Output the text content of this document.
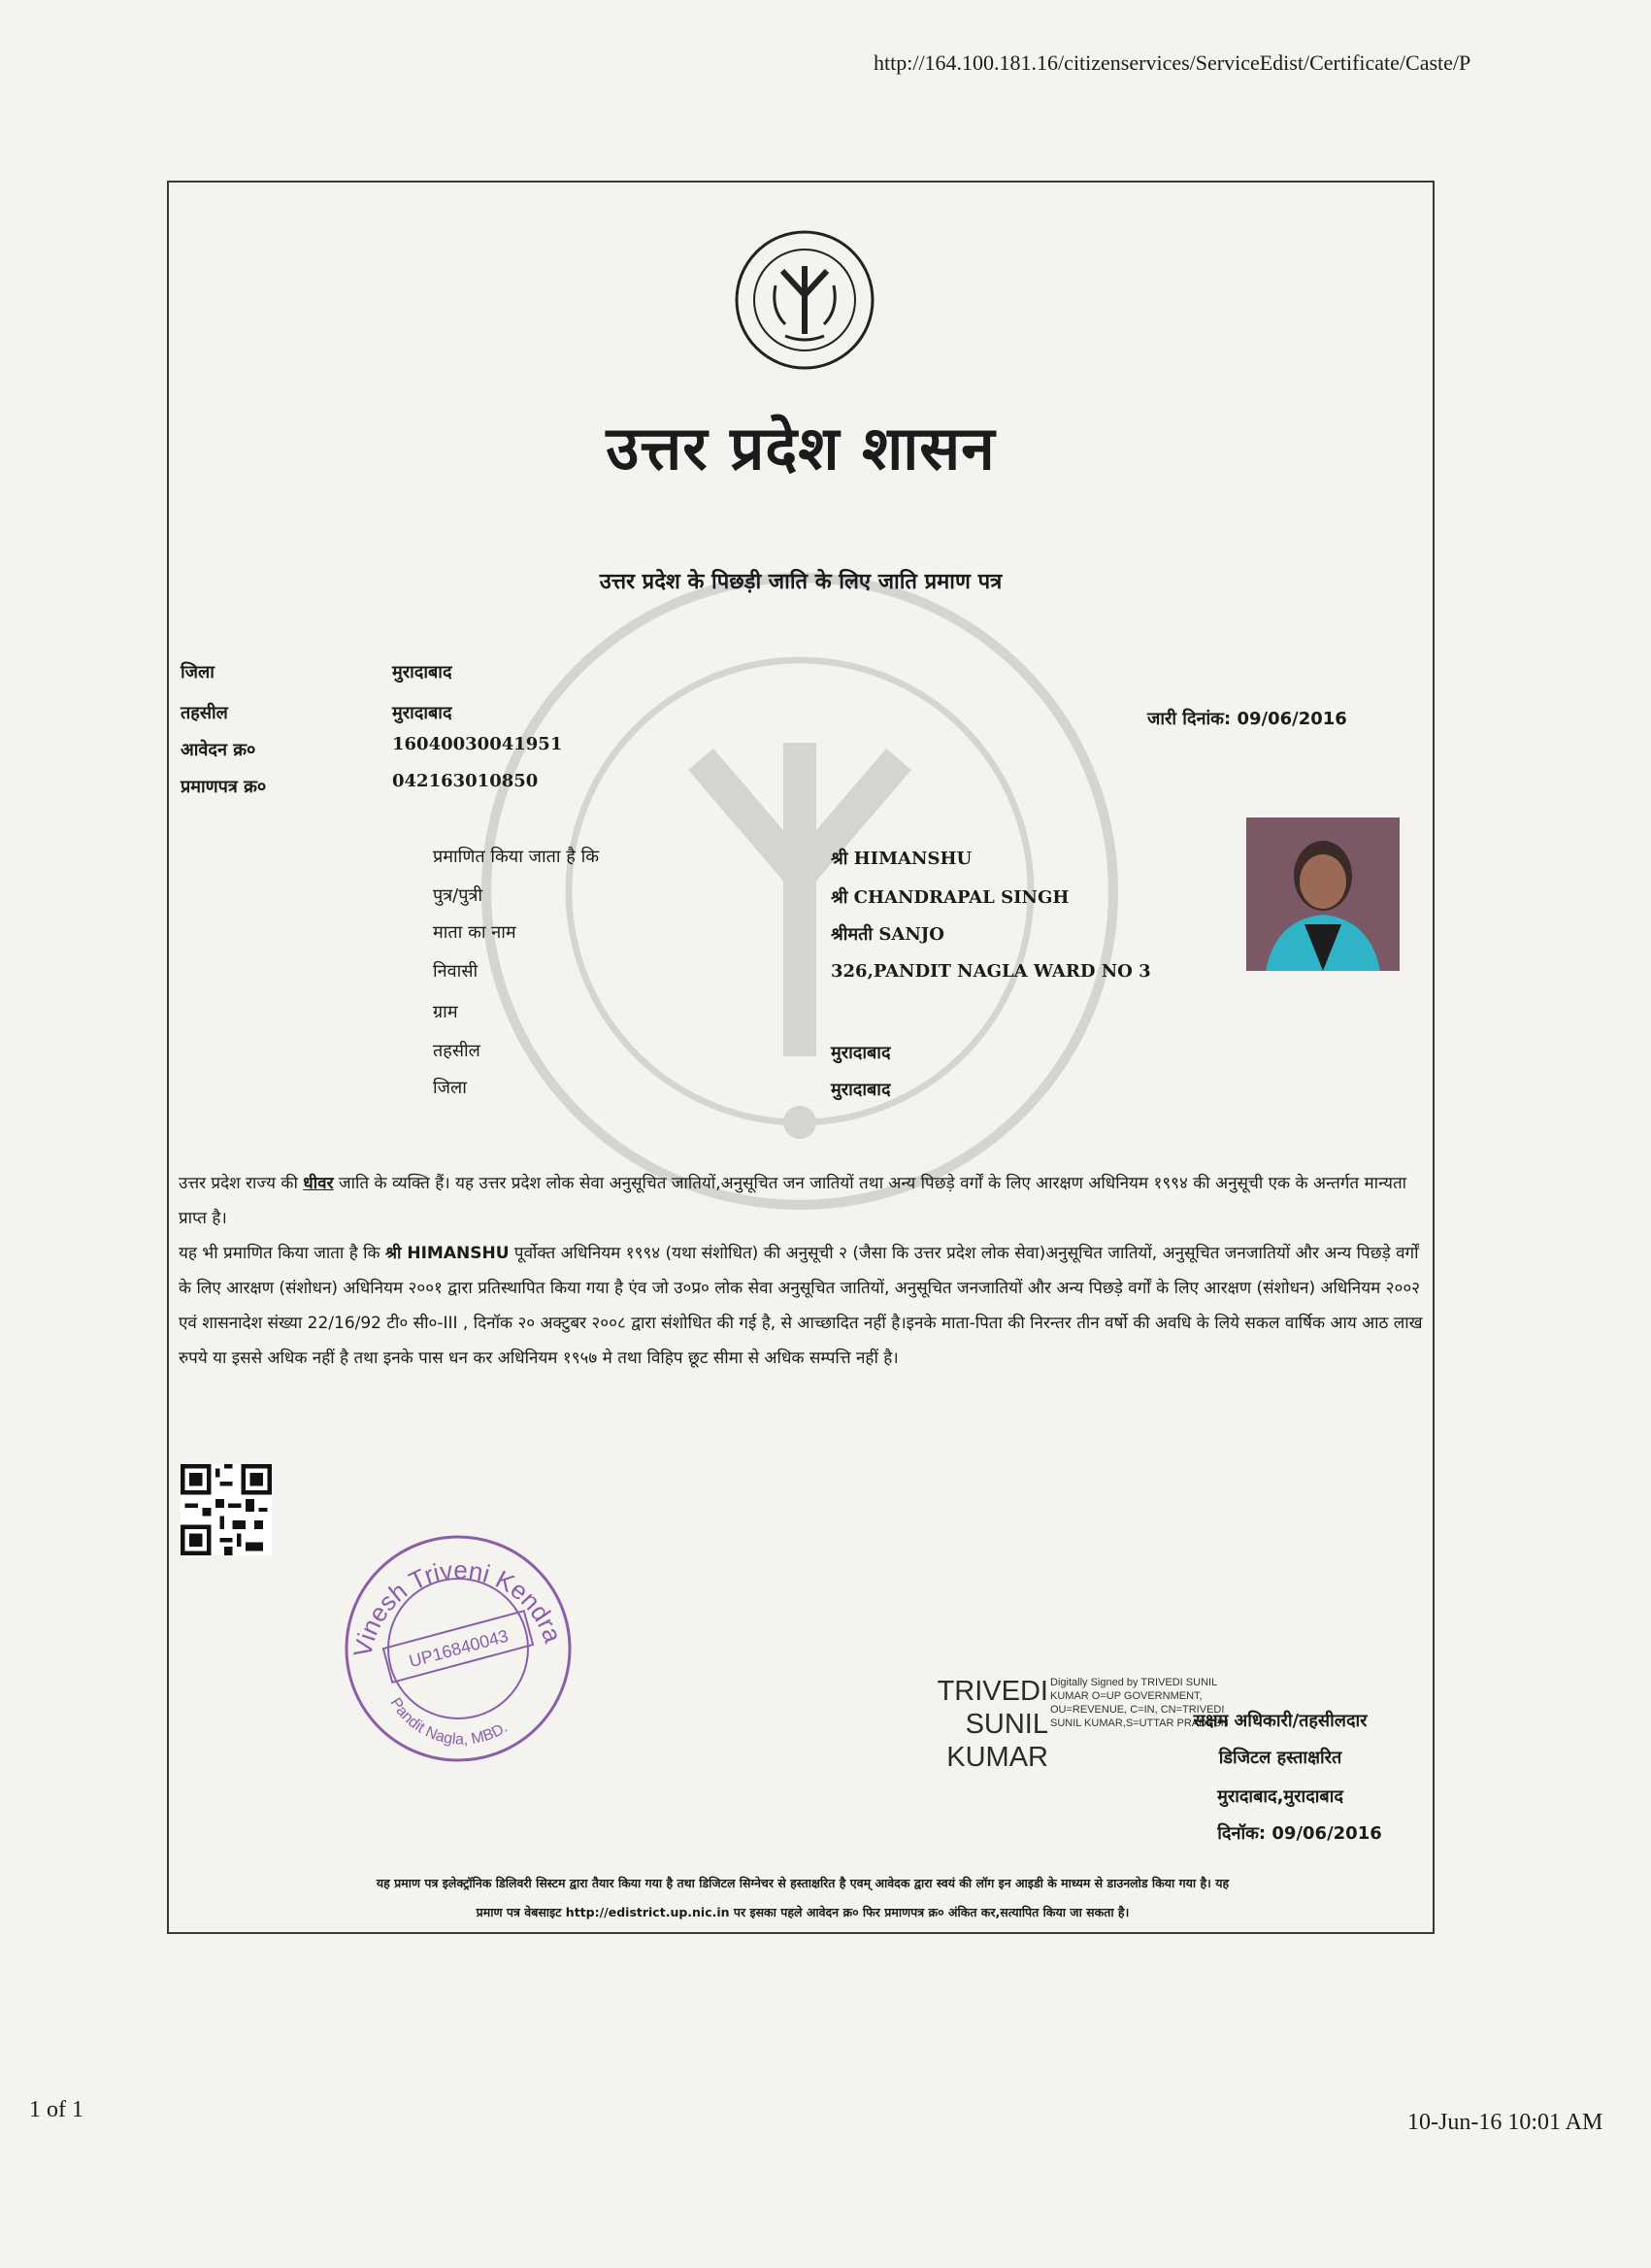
http://164.100.181.16/citizenservices/ServiceEdist/Certificate/Caste/P
उत्तर प्रदेश शासन
उत्तर प्रदेश के पिछड़ी जाति के लिए जाति प्रमाण पत्र
जिला	मुरादाबाद
तहसील	मुरादाबाद
आवेदन क्र०	16040030041951
प्रमाणपत्र क्र०	042163010850
जारी दिनांक: 09/06/2016
प्रमाणित किया जाता है कि	श्री HIMANSHU
पुत्र/पुत्री	श्री CHANDRAPAL SINGH
माता का नाम	श्रीमती SANJO
निवासी	326,PANDIT NAGLA WARD NO 3
ग्राम
तहसील	मुरादाबाद
जिला	मुरादाबाद
उत्तर प्रदेश राज्य की धीवर जाति के व्यक्ति हैं। यह उत्तर प्रदेश लोक सेवा अनुसूचित जातियों,अनुसूचित जन जातियों तथा अन्य पिछड़े वर्गों के लिए आरक्षण अधिनियम १९९४ की अनुसूची एक के अन्तर्गत मान्यता प्राप्त है।
यह भी प्रमाणित किया जाता है कि श्री HIMANSHU पूर्वोक्त अधिनियम १९९४ (यथा संशोधित) की अनुसूची २ (जैसा कि उत्तर प्रदेश लोक सेवा)अनुसूचित जातियों, अनुसूचित जनजातियों और अन्य पिछड़े वर्गों के लिए आरक्षण (संशोधन) अधिनियम २००१ द्वारा प्रतिस्थापित किया गया है एंव जो उ०प्र० लोक सेवा अनुसूचित जातियों, अनुसूचित जनजातियों और अन्य पिछड़े वर्गों के लिए आरक्षण (संशोधन) अधिनियम २००२ एवं शासनादेश संख्या 22/16/92 टी० सी०-III , दिनॉक २० अक्टुबर २००८ द्वारा संशोधित की गई है, से आच्छादित नहीं है।इनके माता-पिता की निरन्तर तीन वर्षो की अवधि के लिये सकल वार्षिक आय आठ लाख रुपये या इससे अधिक नहीं है तथा इनके पास धन कर अधिनियम १९५७ मे तथा विहिप छूट सीमा से अधिक सम्पत्ति नहीं है।
Vinesh Triveni Kendra
Pandit Nagla, MBD.
UP16840043
TRIVEDI
SUNIL
KUMAR
Digitally Signed by TRIVEDI SUNIL KUMAR O=UP GOVERNMENT, OU=REVENUE, C=IN, CN=TRIVEDI SUNIL KUMAR,S=UTTAR PRADESH
सक्षम अधिकारी/तहसीलदार
डिजिटल हस्ताक्षरित
मुरादाबाद,मुरादाबाद
दिनॉक: 09/06/2016
यह प्रमाण पत्र इलेक्ट्रॉनिक डिलिवरी सिस्टम द्वारा तैयार किया गया है तथा डिजिटल सिग्नेचर से हस्ताक्षरित है एवम् आवेदक द्वारा स्वयं की लॉग इन आइडी के माध्यम से डाउनलोड किया गया है। यह
प्रमाण पत्र वेबसाइट http://edistrict.up.nic.in पर इसका पहले आवेदन क्र० फिर प्रमाणपत्र क्र० अंकित कर,सत्यापित किया जा सकता है।
1 of 1	10-Jun-16 10:01 AM
